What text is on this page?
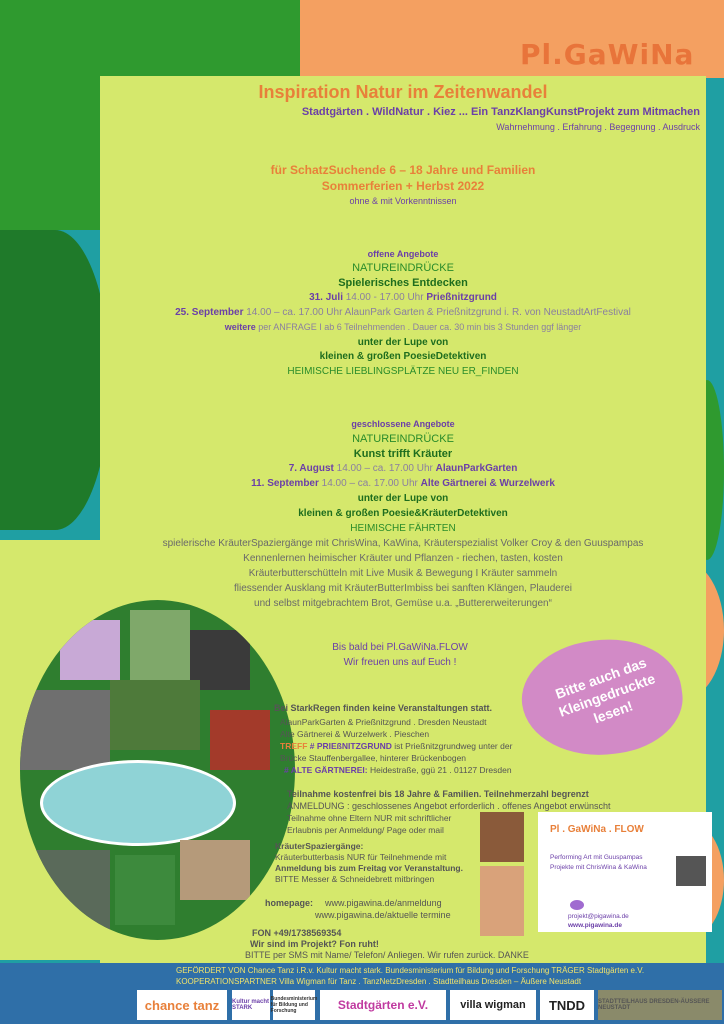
Pl.GaWiNa
Inspiration Natur im Zeitenwandel
Stadtgärten . WildNatur . Kiez ... Ein TanzKlangKunstProjekt zum Mitmachen
Wahrnehmung . Erfahrung . Begegnung . Ausdruck
für SchatzSuchende 6 – 18 Jahre und Familien
Sommerferien + Herbst 2022
ohne & mit Vorkenntnissen
offene Angebote
NATUREINDRÜCKE
Spielerisches Entdecken
31. Juli 14.00 - 17.00 Uhr Prießnitzgrund
25. September 14.00 – ca. 17.00 Uhr AlaunPark Garten & Prießnitzgrund i. R. von NeustadtArtFestival
weitere per ANFRAGE I ab 6 Teilnehmenden . Dauer ca. 30 min bis 3 Stunden ggf länger
unter der Lupe von
kleinen & großen PoesieDetektiven
HEIMISCHE LIEBLINGSPLÄTZE NEU ER_FINDEN
geschlossene Angebote
NATUREINDRÜCKE
Kunst trifft Kräuter
7. August 14.00 – ca. 17.00 Uhr AlaunParkGarten
11. September 14.00 – ca. 17.00 Uhr Alte Gärtnerei & Wurzelwerk
unter der Lupe von
kleinen & großen Poesie&KräuterDetektiven
HEIMISCHE FÄHRTEN
spielerische KräuterSpaziergänge mit ChrisWina, KaWina, Kräuterspezialist Volker Croy & den Guuspampas
Kennenlernen heimischer Kräuter und Pflanzen - riechen, tasten, kosten
Kräuterbutterschütteln mit Live Musik & Bewegung I Kräuter sammeln
fliessender Ausklang mit KräuterButterImbiss bei sanften Klängen, Plauderei
und selbst mitgebrachtem Brot, Gemüse u.a. „Buttererweiterungen“
Bis bald bei Pl.GaWiNa.FLOW
Wir freuen uns auf Euch !	Bitte auch das Kleingedruckte lesen!
Bei StarkRegen finden keine Veranstaltungen statt.
AlaunParkGarten & Prießnitzgrund . Dresden Neustadt
Alte Gärtnerei & Wurzelwerk . Pieschen
TREFF # PRIEßNITZGRUND ist Prießnitzgrundweg unter der
Brücke Stauffenbergallee, hinterer Brückenbogen
# ALTE GÄRTNEREI: Heidestraße, ggü 21 . 01127 Dresden
Teilnahme kostenfrei bis 18 Jahre & Familien. Teilnehmerzahl begrenzt
ANMELDUNG : geschlossenes Angebot erforderlich . offenes Angebot erwünscht
Teilnahme ohne Eltern NUR mit schriftlicher
Erlaubnis per Anmeldung/ Page oder mail
KräuterSpaziergänge:
Kräuterbutterbasis NUR für Teilnehmende mit
Anmeldung bis zum Freitag vor Veranstaltung.
BITTE Messer & Schneidebrett mitbringen
homepage: www.pigawina.de/anmeldung
www.pigawina.de/aktuelle termine
FON +49/1738569354
Wir sind im Projekt? Fon ruht!
BITTE per SMS mit Name/ Telefon/ Anliegen. Wir rufen zurück. DANKE
Pl . GaWiNa . FLOW
Performing Art mit Guuspampas
Projekte mit ChrisWina & KaWina
projekt@pigawina.de
www.pigawina.de
GEFÖRDERT VON Chance Tanz i.R.v. Kultur macht stark. Bundesministerium für Bildung und Forschung TRÄGER Stadtgärten e.V.
KOOPERATIONSPARTNER Villa Wigman für Tanz . TanzNetzDresden . Stadtteilhaus Dresden – Äußere Neustadt
chance tanz	Kultur macht STARK
Bundesministerium für Bildung und Forschung	Stadtgärten e.V.	villa wigman	TNDD	STADTTEILHAUS DRESDEN-ÄUSSERE NEUSTADT
